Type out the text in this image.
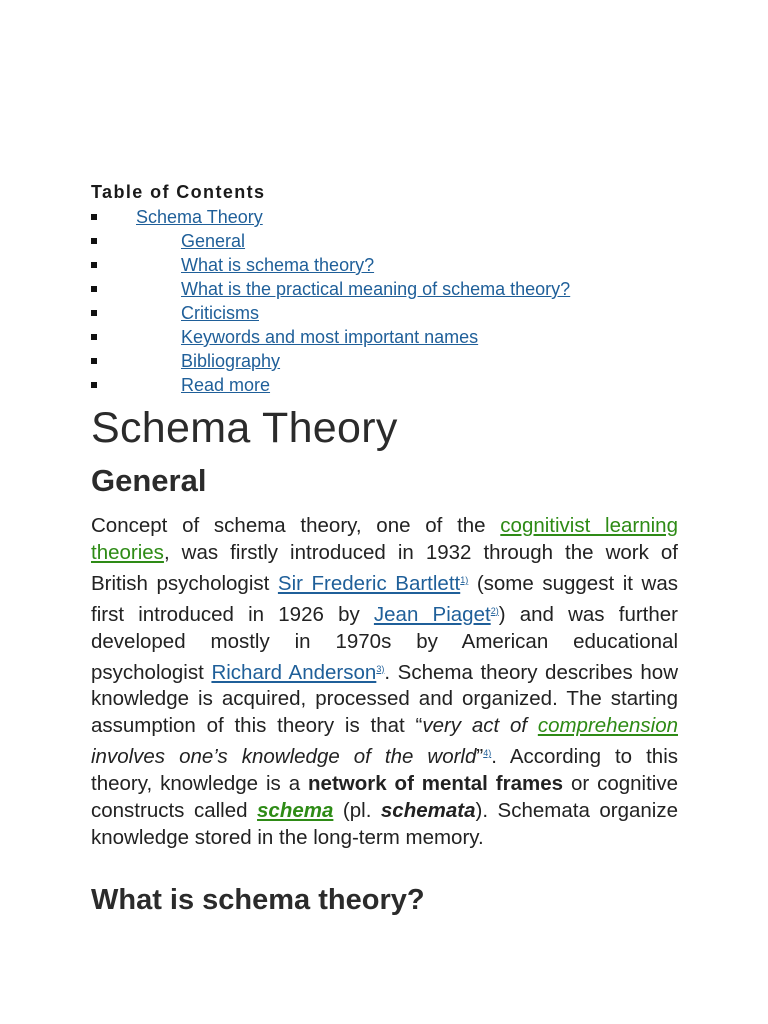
Table of Contents
Schema Theory
General
What is schema theory?
What is the practical meaning of schema theory?
Criticisms
Keywords and most important names
Bibliography
Read more
Schema Theory
General

Concept of schema theory, one of the cognitivist learning theories, was firstly introduced in 1932 through the work of British psychologist Sir Frederic Bartlett$^{1)}$ (some suggest it was first introduced in 1926 by Jean Piaget$^{2)}$) and was further developed mostly in 1970s by American educational psychologist Richard Anderson$^{3)}$. Schema theory describes how knowledge is acquired, processed and organized. The starting assumption of this theory is that “very act of comprehension involves one’s knowledge of the world”$^{4)}$. According to this theory, knowledge is a network of mental frames or cognitive constructs called schema (pl. schemata). Schemata organize knowledge stored in the long-term memory.

What is schema theory?
